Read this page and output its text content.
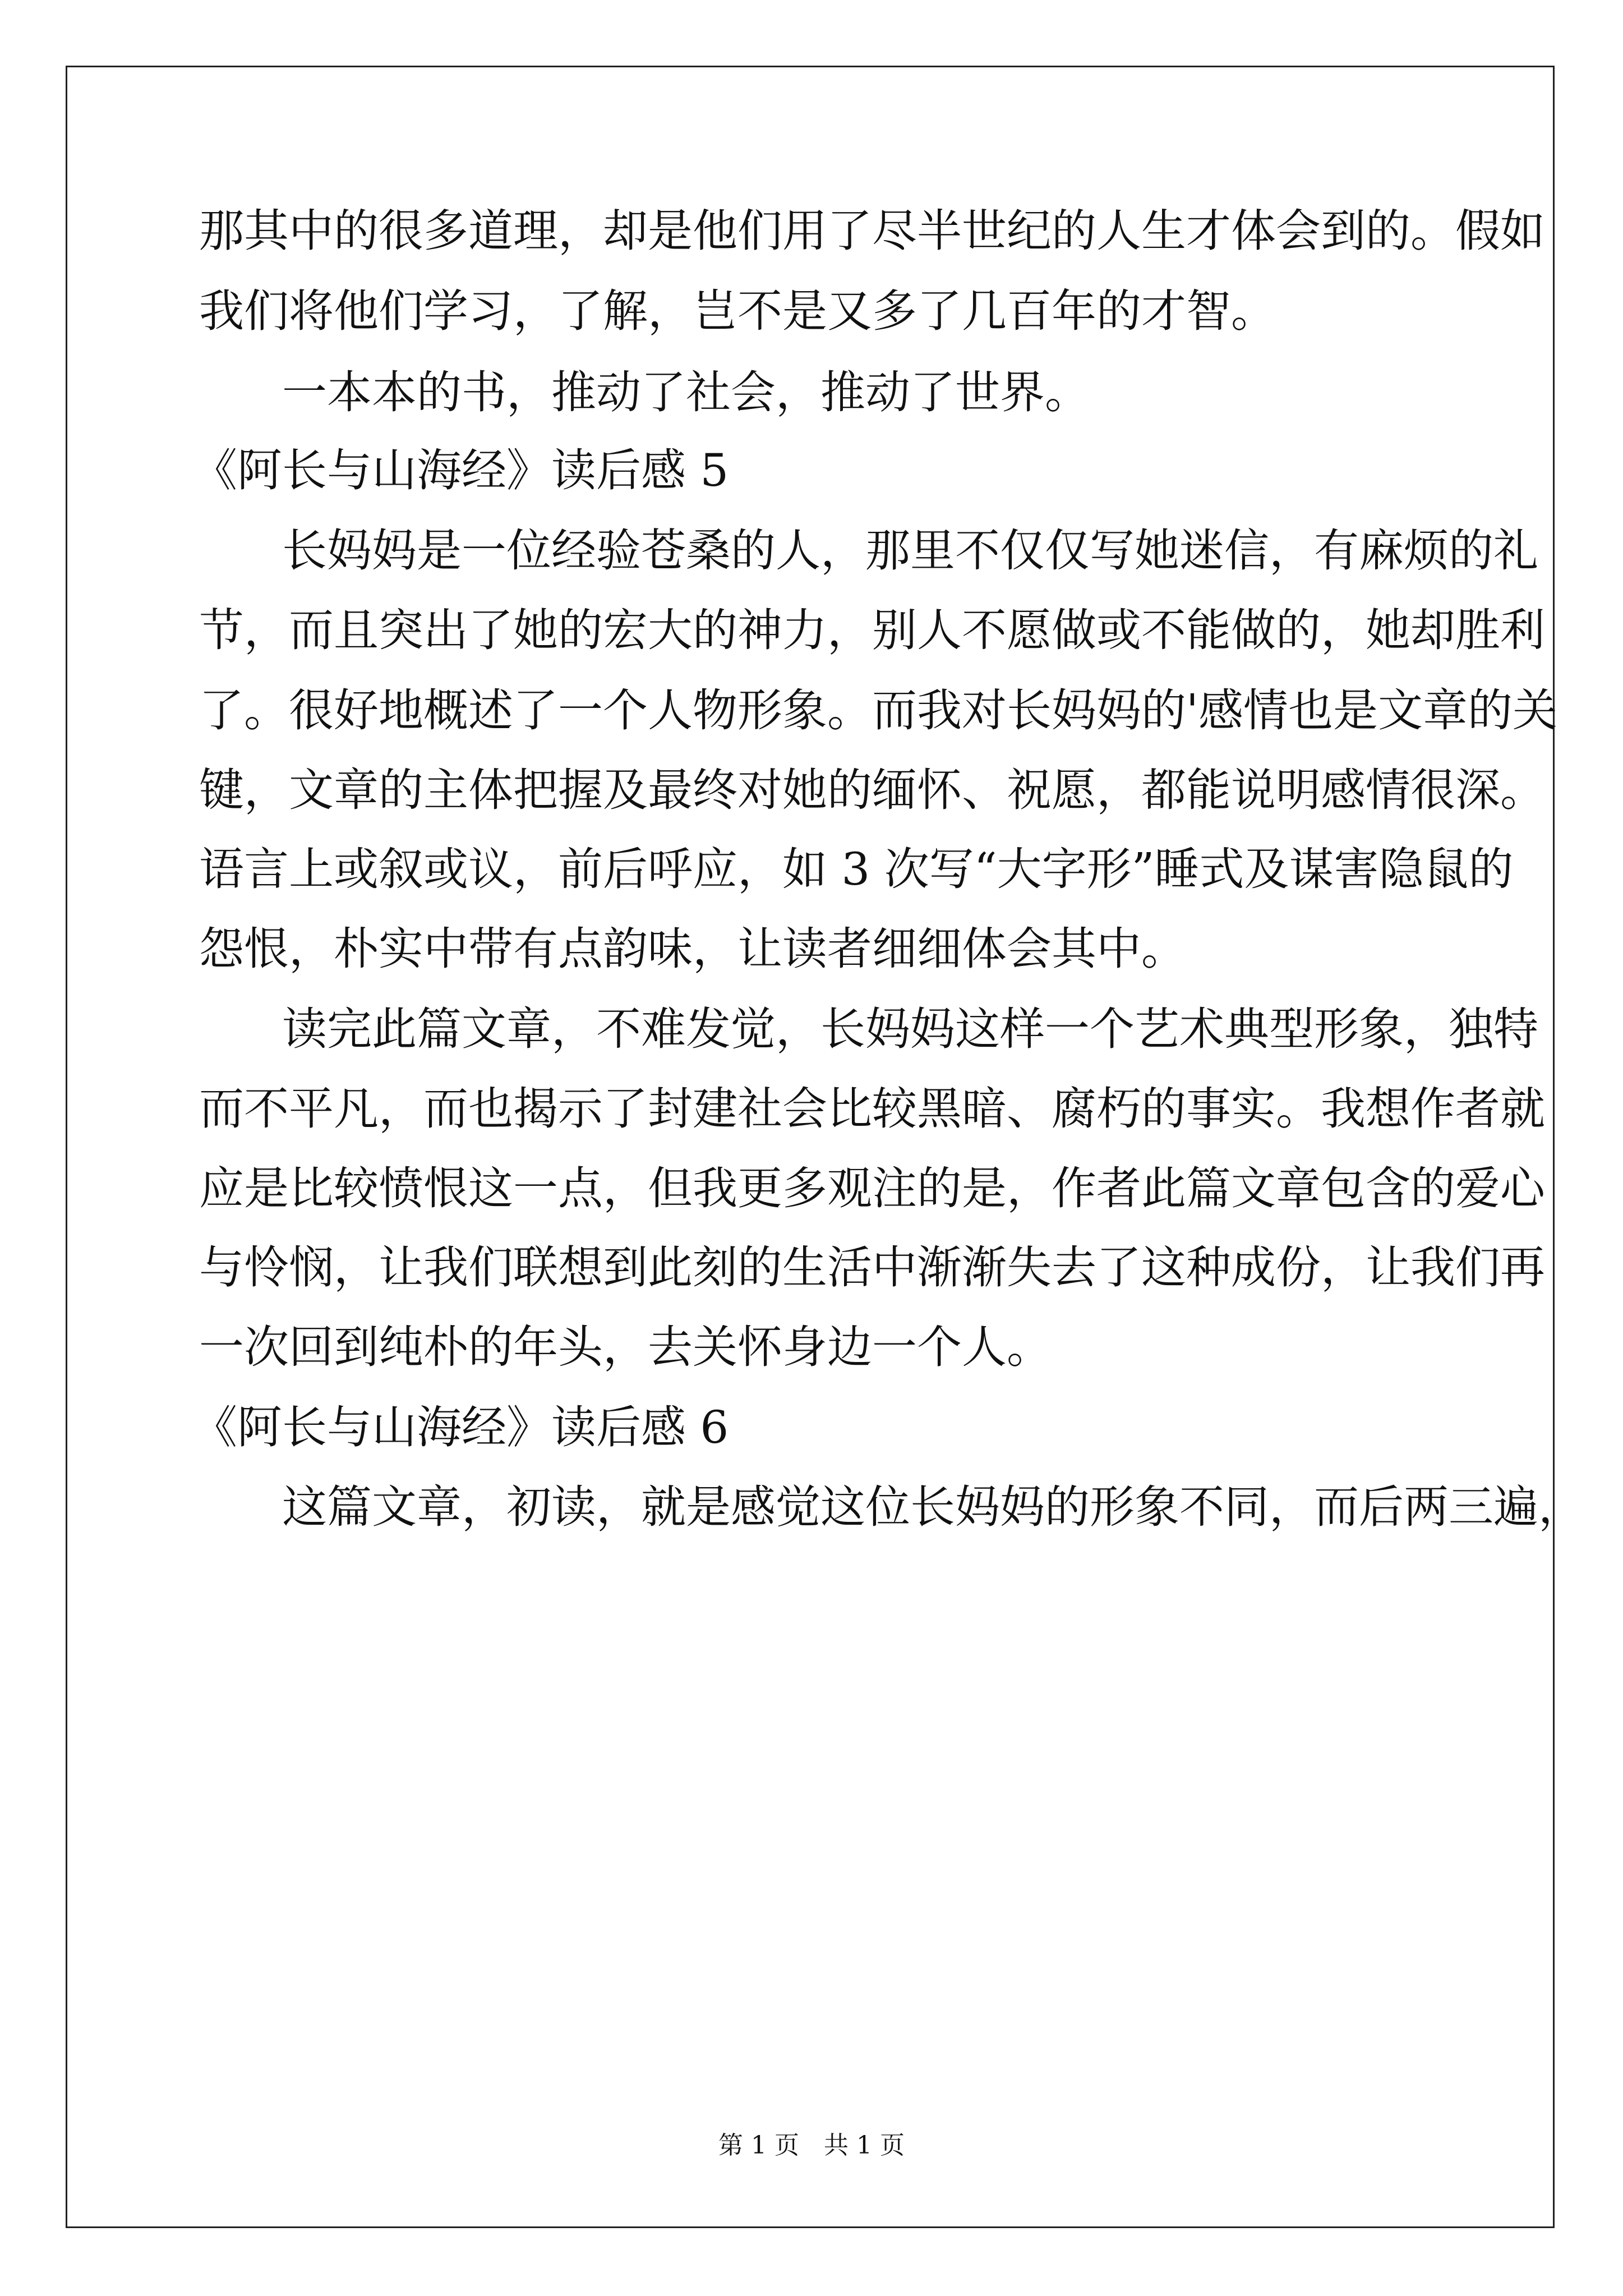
那其中的很多道理，却是他们用了尽半世纪的人生才体会到的。假如
我们将他们学习，了解，岂不是又多了几百年的才智。
一本本的书，推动了社会，推动了世界。
《阿长与山海经》读后感 5
长妈妈是一位经验苍桑的人，那里不仅仅写她迷信，有麻烦的礼
节，而且突出了她的宏大的神力，别人不愿做或不能做的，她却胜利
了。很好地概述了一个人物形象。而我对长妈妈的'感情也是文章的关
键，文章的主体把握及最终对她的缅怀、祝愿，都能说明感情很深。
语言上或叙或议，前后呼应，如 3 次写“大字形”睡式及谋害隐鼠的
怨恨，朴实中带有点韵味，让读者细细体会其中。
读完此篇文章，不难发觉，长妈妈这样一个艺术典型形象，独特
而不平凡，而也揭示了封建社会比较黑暗、腐朽的事实。我想作者就
应是比较愤恨这一点，但我更多观注的是，作者此篇文章包含的爱心
与怜悯，让我们联想到此刻的生活中渐渐失去了这种成份，让我们再
一次回到纯朴的年头，去关怀身边一个人。
《阿长与山海经》读后感 6
这篇文章，初读，就是感觉这位长妈妈的形象不同，而后两三遍，
第 1 页　共 1 页
